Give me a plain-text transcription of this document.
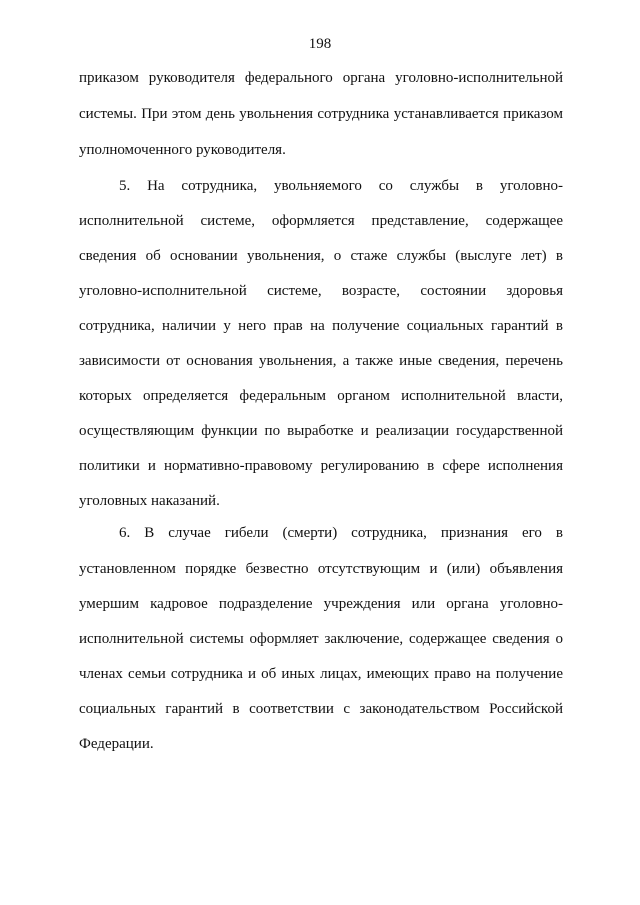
198
приказом руководителя федерального органа уголовно-исполнительной
системы. При этом день увольнения сотрудника устанавливается приказом
уполномоченного руководителя.
5. На сотрудника, увольняемого со службы в уголовно-
исполнительной системе, оформляется представление, содержащее
сведения об основании увольнения, о стаже службы (выслуге лет) в
уголовно-исполнительной системе, возрасте, состоянии здоровья
сотрудника, наличии у него прав на получение социальных гарантий в
зависимости от основания увольнения, а также иные сведения, перечень
которых определяется федеральным органом исполнительной власти,
осуществляющим функции по выработке и реализации государственной
политики и нормативно-правовому регулированию в сфере исполнения
уголовных наказаний.
6. В случае гибели (смерти) сотрудника, признания его в
установленном порядке безвестно отсутствующим и (или) объявления
умершим кадровое подразделение учреждения или органа уголовно-
исполнительной системы оформляет заключение, содержащее сведения о
членах семьи сотрудника и об иных лицах, имеющих право на получение
социальных гарантий в соответствии с законодательством Российской
Федерации.
